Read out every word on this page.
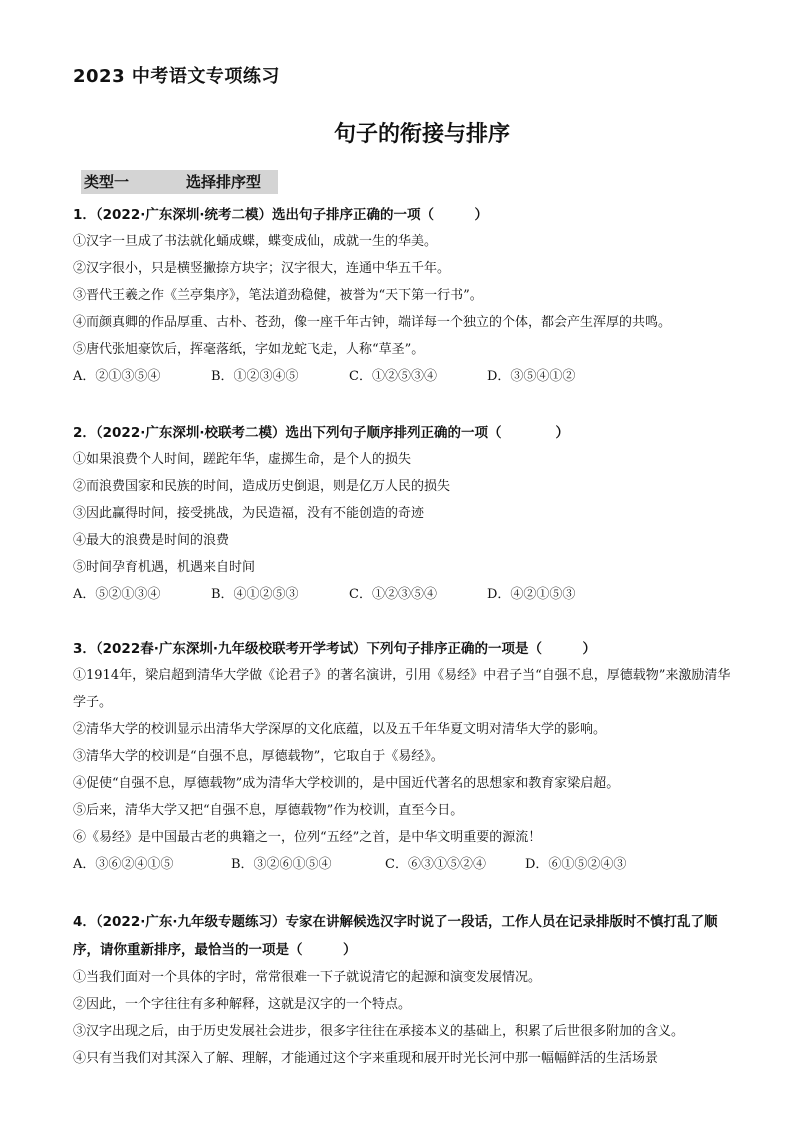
2023 中考语文专项练习
句子的衔接与排序
类型一	选择排序型
1．（2022·广东深圳·统考二模）选出句子排序正确的一项（　　　）
①汉字一旦成了书法就化蛹成蝶，蝶变成仙，成就一生的华美。
②汉字很小，只是横竖撇捺方块字；汉字很大，连通中华五千年。
③晋代王羲之作《兰亭集序》，笔法道劲稳健，被誉为“天下第一行书”。
④而颜真卿的作品厚重、古朴、苍劲，像一座千年古钟，端详每一个独立的个体，都会产生浑厚的共鸣。
⑤唐代张旭豪饮后，挥毫落纸，字如龙蛇飞走，人称“草圣”。
A．②①③⑤④	B．①②③④⑤	C．①②⑤③④	D．③⑤④①②
2．（2022·广东深圳·校联考二模）选出下列句子顺序排列正确的一项（　　　　）
①如果浪费个人时间，蹉跎年华，虚掷生命，是个人的损失
②而浪费国家和民族的时间，造成历史倒退，则是亿万人民的损失
③因此赢得时间，接受挑战，为民造福，没有不能创造的奇迹
④最大的浪费是时间的浪费
⑤时间孕育机遇，机遇来自时间
A．⑤②①③④	B．④①②⑤③	C．①②③⑤④	D．④②①⑤③
3．（2022春·广东深圳·九年级校联考开学考试）下列句子排序正确的一项是（　　　）
①1914年，梁启超到清华大学做《论君子》的著名演讲，引用《易经》中君子当“自强不息，厚德载物”来激励清华学子。
②清华大学的校训显示出清华大学深厚的文化底蕴，以及五千年华夏文明对清华大学的影响。
③清华大学的校训是“自强不息，厚德载物”，它取自于《易经》。
④促使“自强不息，厚德载物”成为清华大学校训的，是中国近代著名的思想家和教育家梁启超。
⑤后来，清华大学又把“自强不息，厚德载物”作为校训，直至今日。
⑥《易经》是中国最古老的典籍之一，位列“五经”之首，是中华文明重要的源流！
A．③⑥②④①⑤	B．③②⑥①⑤④	C．⑥③①⑤②④	D．⑥①⑤②④③
4．（2022·广东·九年级专题练习）专家在讲解候选汉字时说了一段话，工作人员在记录排版时不慎打乱了顺序，请你重新排序，最恰当的一项是（　　　）
①当我们面对一个具体的字时，常常很难一下子就说清它的起源和演变发展情况。
②因此，一个字往往有多种解释，这就是汉字的一个特点。
③汉字出现之后，由于历史发展社会进步，很多字往往在承接本义的基础上，积累了后世很多附加的含义。
④只有当我们对其深入了解、理解，才能通过这个字来重现和展开时光长河中那一幅幅鲜活的生活场景
